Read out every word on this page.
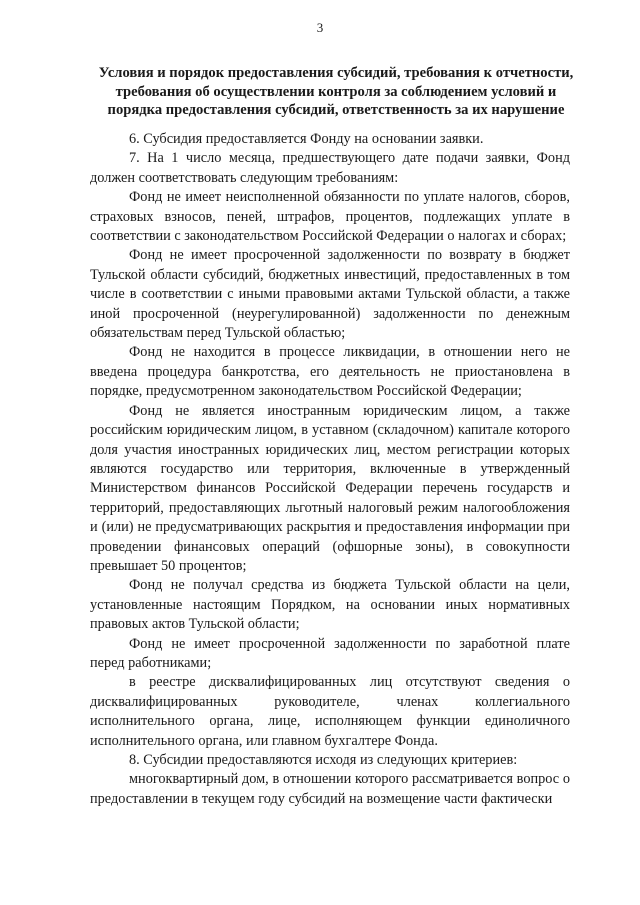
3
Условия и порядок предоставления субсидий, требования к отчетности,
требования об осуществлении контроля за соблюдением условий и
порядка предоставления субсидий, ответственность за их нарушение

6. Субсидия предоставляется Фонду на основании заявки.

7. На 1 число месяца, предшествующего дате подачи заявки, Фонд должен соответствовать следующим требованиям:

Фонд не имеет неисполненной обязанности по уплате налогов, сборов, страховых взносов, пеней, штрафов, процентов, подлежащих уплате в соответствии с законодательством Российской Федерации о налогах и сборах;

Фонд не имеет просроченной задолженности по возврату в бюджет Тульской области субсидий, бюджетных инвестиций, предоставленных в том числе в соответствии с иными правовыми актами Тульской области, а также иной просроченной (неурегулированной) задолженности по денежным обязательствам перед Тульской областью;

Фонд не находится в процессе ликвидации, в отношении него не введена процедура банкротства, его деятельность не приостановлена в порядке, предусмотренном законодательством Российской Федерации;

Фонд не является иностранным юридическим лицом, а также российским юридическим лицом, в уставном (складочном) капитале которого доля участия иностранных юридических лиц, местом регистрации которых являются государство или территория, включенные в утвержденный Министерством финансов Российской Федерации перечень государств и территорий, предоставляющих льготный налоговый режим налогообложения и (или) не предусматривающих раскрытия и предоставления информации при проведении финансовых операций (офшорные зоны), в совокупности превышает 50 процентов;

Фонд не получал средства из бюджета Тульской области на цели, установленные настоящим Порядком, на основании иных нормативных правовых актов Тульской области;

Фонд не имеет просроченной задолженности по заработной плате перед работниками;

в реестре дисквалифицированных лиц отсутствуют сведения о дисквалифицированных руководителе, членах коллегиального исполнительного органа, лице, исполняющем функции единоличного исполнительного органа, или главном бухгалтере Фонда.

8. Субсидии предоставляются исходя из следующих критериев:

многоквартирный дом, в отношении которого рассматривается вопрос о предоставлении в текущем году субсидий на возмещение части фактически
